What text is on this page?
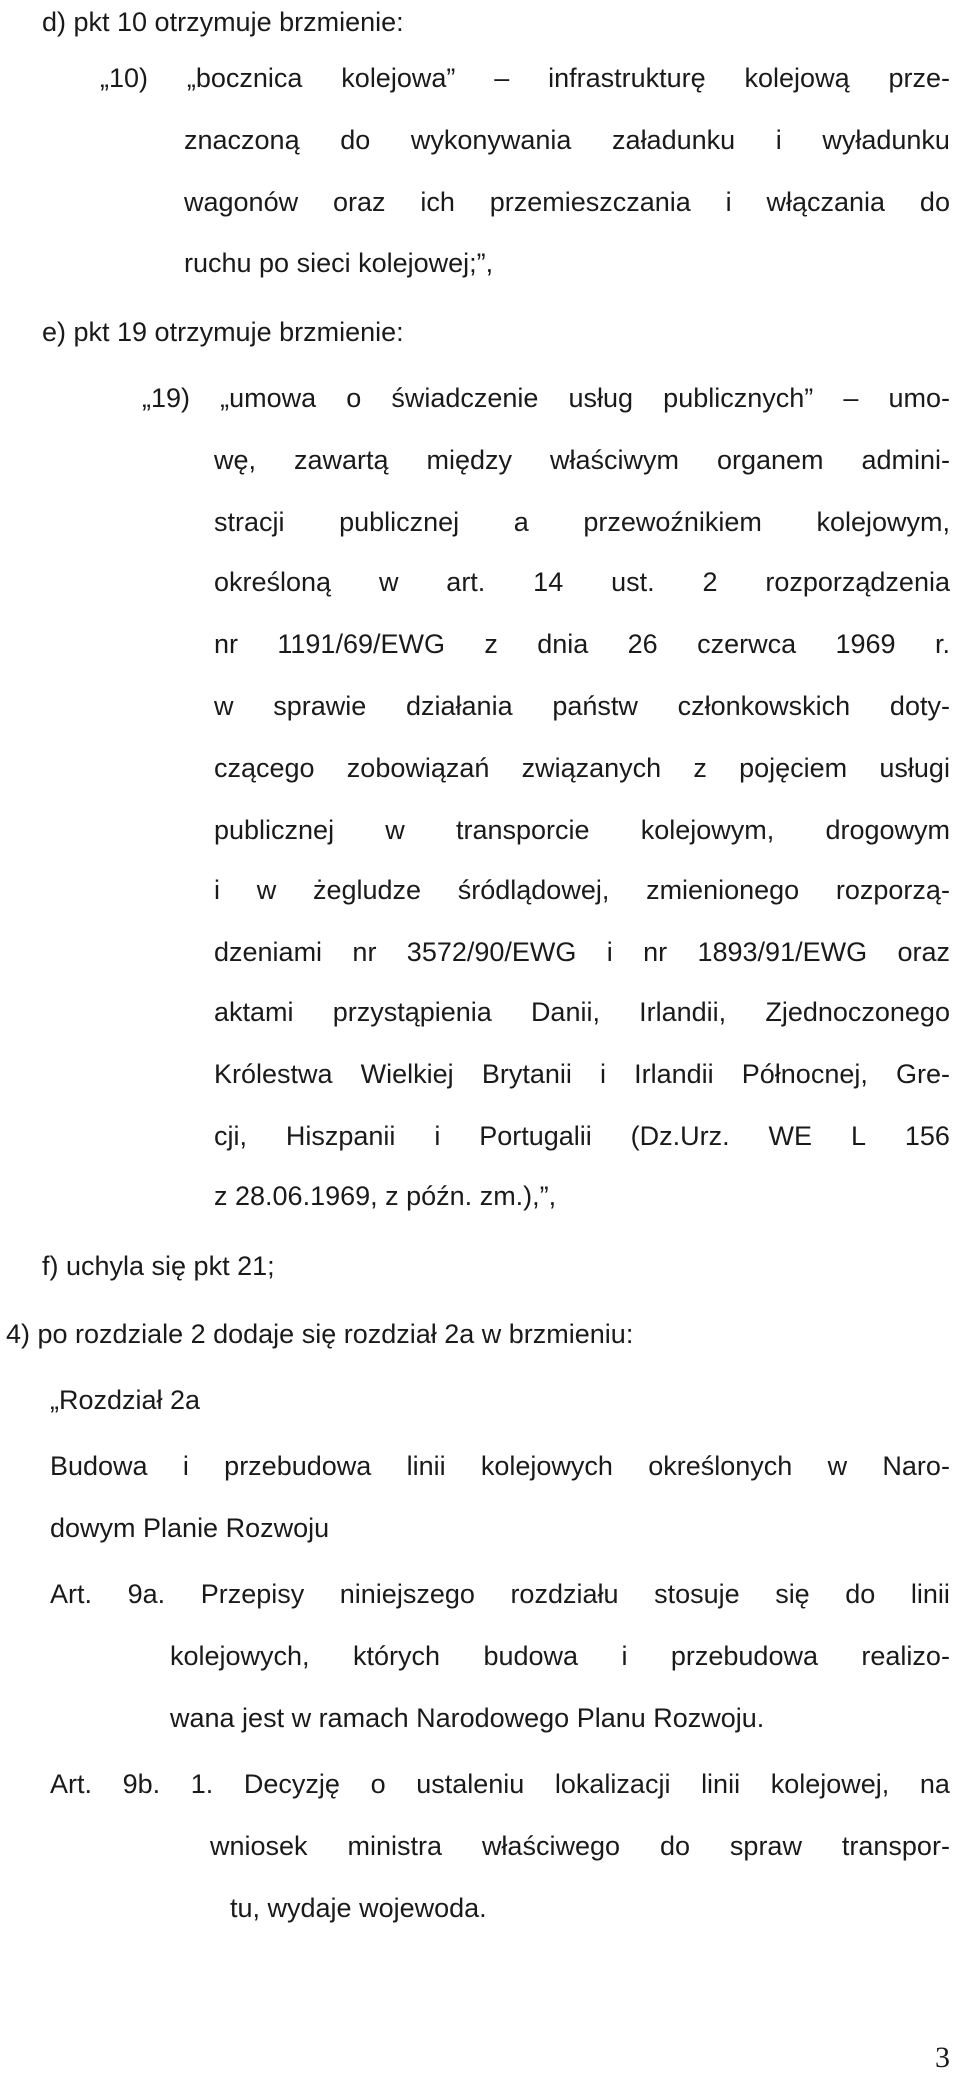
d) pkt 10 otrzymuje brzmienie:
„10) „bocznica kolejowa” – infrastrukturę kolejową prze-
znaczoną do wykonywania załadunku i wyładunku
wagonów oraz ich przemieszczania i włączania do
ruchu po sieci kolejowej;”,
e) pkt 19 otrzymuje brzmienie:
„19) „umowa o świadczenie usług publicznych” – umo-
wę, zawartą między właściwym organem admini-
stracji publicznej a przewoźnikiem kolejowym,
określoną w art. 14 ust. 2 rozporządzenia
nr 1191/69/EWG z dnia 26 czerwca 1969 r.
w sprawie działania państw członkowskich doty-
czącego zobowiązań związanych z pojęciem usługi
publicznej w transporcie kolejowym, drogowym
i w żegludze śródlądowej, zmienionego rozporzą-
dzeniami nr 3572/90/EWG i nr 1893/91/EWG oraz
aktami przystąpienia Danii, Irlandii, Zjednoczonego
Królestwa Wielkiej Brytanii i Irlandii Północnej, Gre-
cji, Hiszpanii i Portugalii (Dz.Urz. WE L 156
z 28.06.1969, z późn. zm.),”,
f) uchyla się pkt 21;
4) po rozdziale 2 dodaje się rozdział 2a w brzmieniu:
„Rozdział 2a
Budowa i przebudowa linii kolejowych określonych w Naro-
dowym Planie Rozwoju
Art. 9a. Przepisy niniejszego rozdziału stosuje się do linii
kolejowych, których budowa i przebudowa realizo-
wana jest w ramach Narodowego Planu Rozwoju.
Art. 9b. 1. Decyzję o ustaleniu lokalizacji linii kolejowej, na
wniosek ministra właściwego do spraw transpor-
tu, wydaje wojewoda.
3
